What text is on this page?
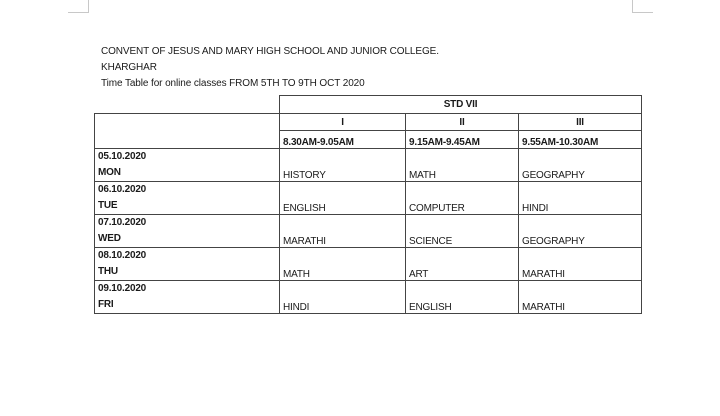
CONVENT OF JESUS AND MARY HIGH SCHOOL AND JUNIOR COLLEGE.
KHARGHAR
Time Table for online classes FROM 5TH TO 9TH OCT 2020
	STD VII		
	I	II	III
	8.30AM-9.05AM	9.15AM-9.45AM	9.55AM-10.30AM

05.10.2020
MON	HISTORY	MATH	GEOGRAPHY

06.10.2020
TUE	ENGLISH	COMPUTER	HINDI

07.10.2020
WED	MARATHI	SCIENCE	GEOGRAPHY

08.10.2020
THU	MATH	ART	MARATHI

09.10.2020
FRI	HINDI	ENGLISH	MARATHI
